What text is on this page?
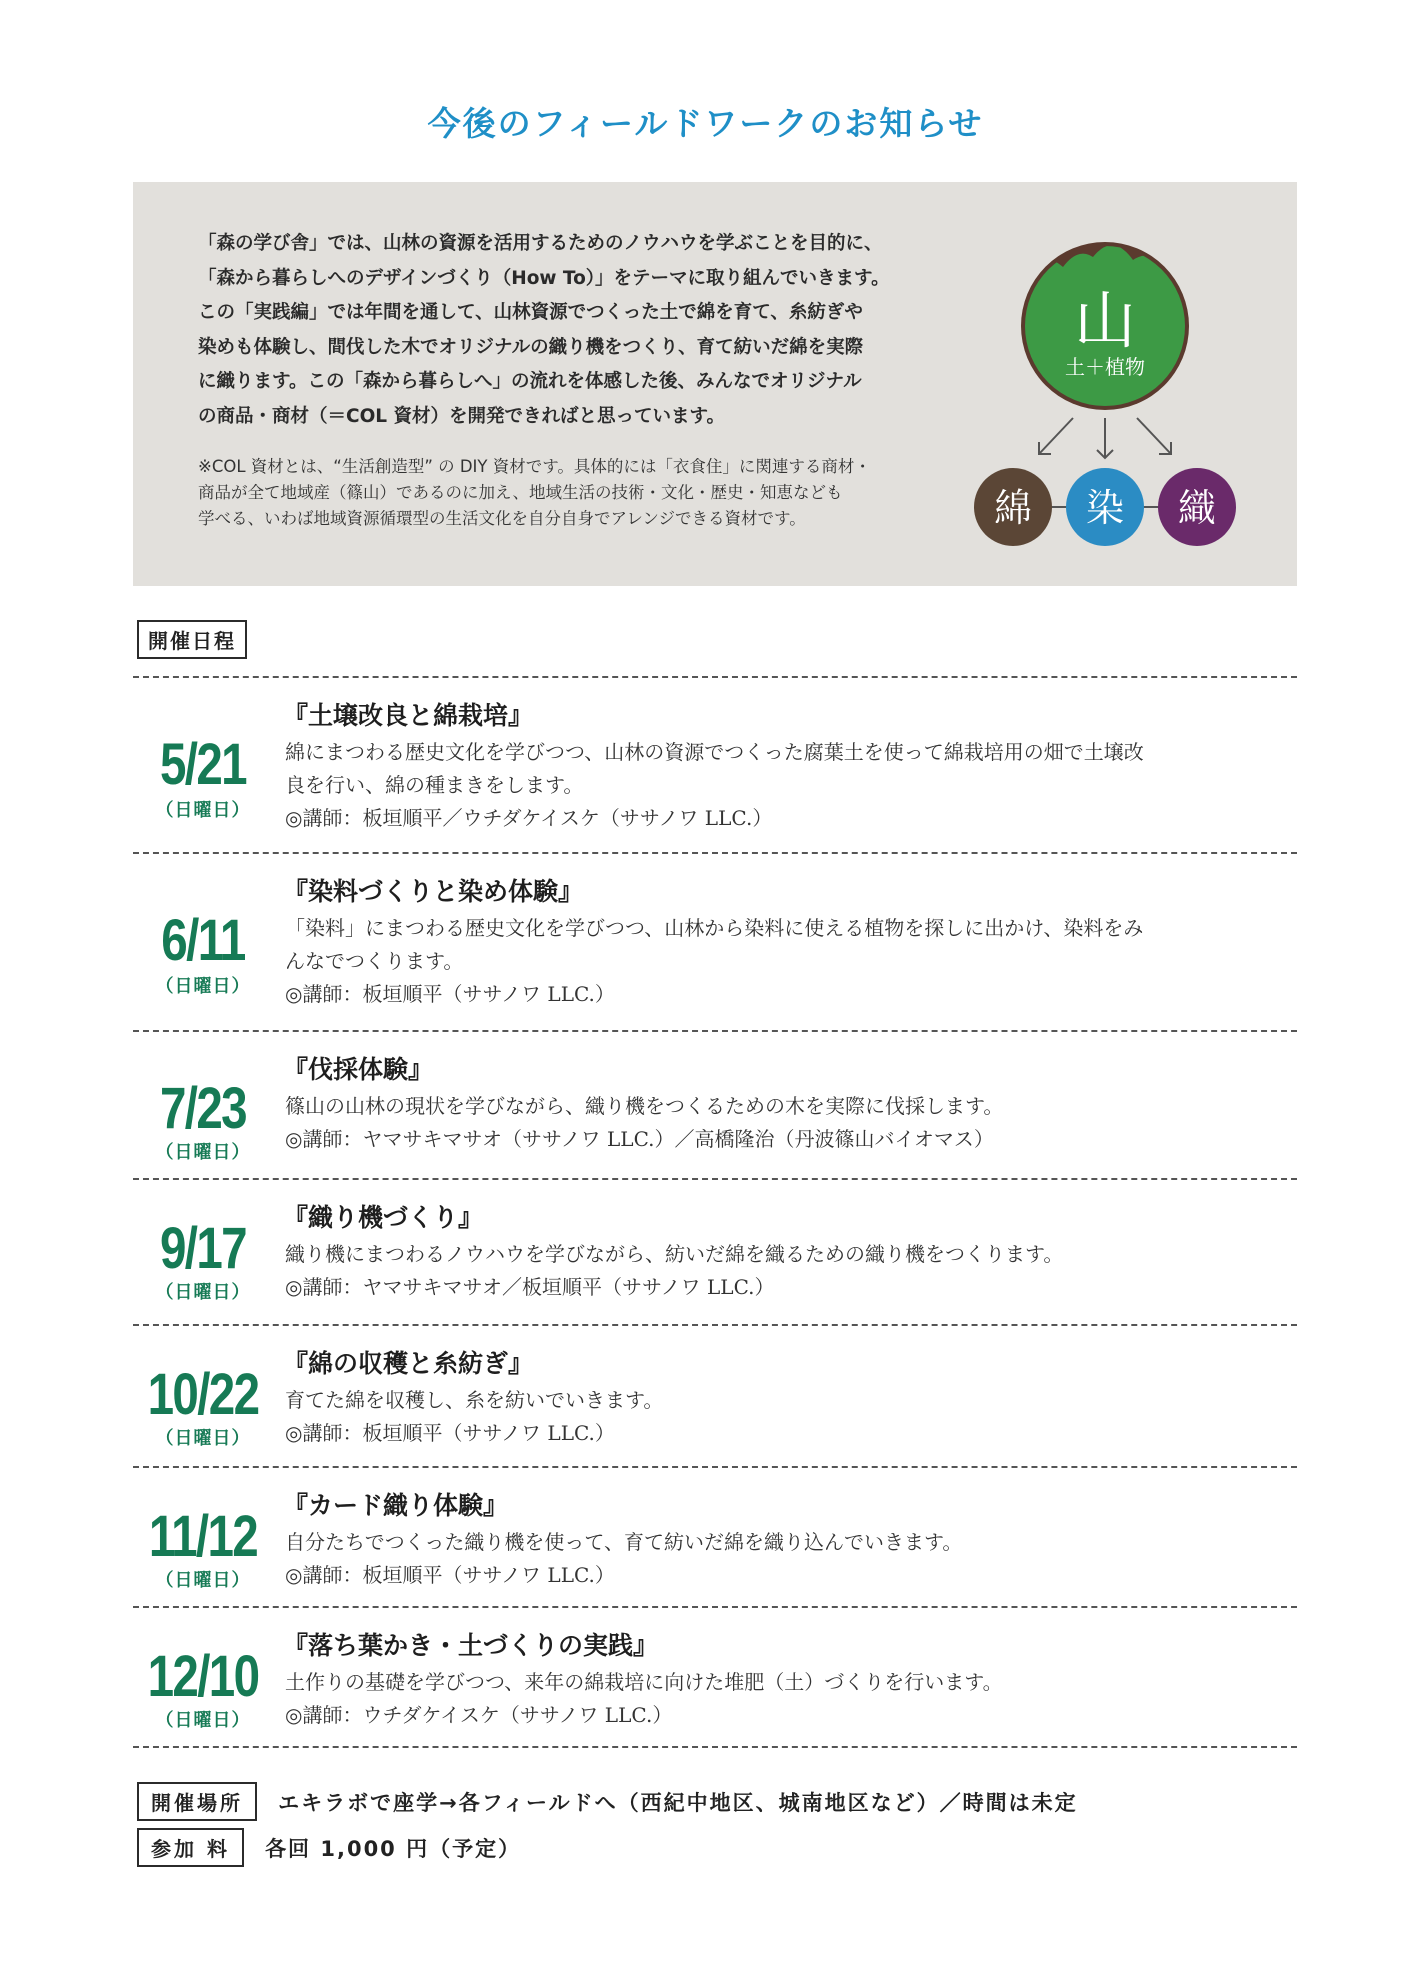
今後のフィールドワークのお知らせ

「森の学び舎」では、山林の資源を活用するためのノウハウを学ぶことを目的に、

「森から暮らしへのデザインづくり（How To）」をテーマに取り組んでいきます。

この「実践編」では年間を通して、山林資源でつくった土で綿を育て、糸紡ぎや

染めも体験し、間伐した木でオリジナルの織り機をつくり、育て紡いだ綿を実際

に織ります。この「森から暮らしへ」の流れを体感した後、みんなでオリジナル

の商品・商材（＝COL 資材）を開発できればと思っています。

※COL 資材とは、“生活創造型” の DIY 資材です。具体的には「衣食住」に関連する商材・

商品が全て地域産（篠山）であるのに加え、地域生活の技術・文化・歴史・知恵なども

学べる、いわば地域資源循環型の生活文化を自分自身でアレンジできる資材です。

山
土＋植物
綿 染 織
開催日程
5/21
（日曜日）
『土壌改良と綿栽培』

綿にまつわる歴史文化を学びつつ、山林の資源でつくった腐葉土を使って綿栽培用の畑で土壌改

良を行い、綿の種まきをします。

◎講師：板垣順平／ウチダケイスケ（ササノワ LLC.）

6/11
（日曜日）
『染料づくりと染め体験』

「染料」にまつわる歴史文化を学びつつ、山林から染料に使える植物を探しに出かけ、染料をみ

んなでつくります。

◎講師：板垣順平（ササノワ LLC.）

7/23
（日曜日）
『伐採体験』

篠山の山林の現状を学びながら、織り機をつくるための木を実際に伐採します。

◎講師：ヤマサキマサオ（ササノワ LLC.）／高橋隆治（丹波篠山バイオマス）

9/17
（日曜日）
『織り機づくり』

織り機にまつわるノウハウを学びながら、紡いだ綿を織るための織り機をつくります。

◎講師：ヤマサキマサオ／板垣順平（ササノワ LLC.）

10/22
（日曜日）
『綿の収穫と糸紡ぎ』

育てた綿を収穫し、糸を紡いでいきます。

◎講師：板垣順平（ササノワ LLC.）

11/12
（日曜日）
『カード織り体験』

自分たちでつくった織り機を使って、育て紡いだ綿を織り込んでいきます。

◎講師：板垣順平（ササノワ LLC.）

12/10
（日曜日）
『落ち葉かき・土づくりの実践』

土作りの基礎を学びつつ、来年の綿栽培に向けた堆肥（土）づくりを行います。

◎講師：ウチダケイスケ（ササノワ LLC.）

開催場所 エキラボで座学→各フィールドへ（西紀中地区、城南地区など）／時間は未定
参加 料 各回 1,000 円（予定）
